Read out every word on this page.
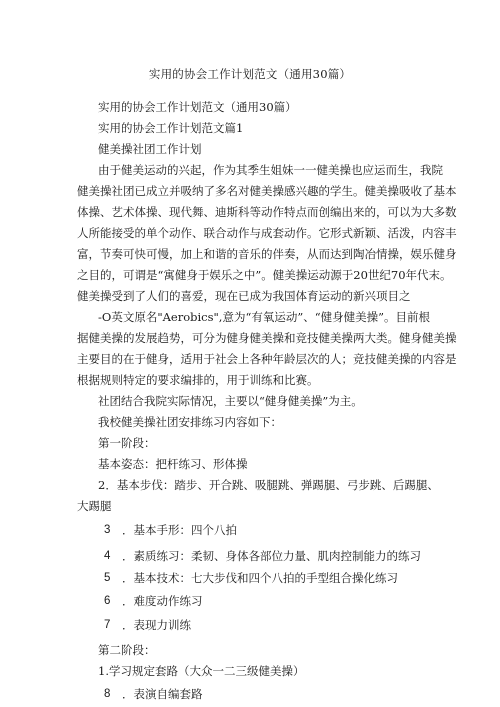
实用的协会工作计划范文（通用30篇）
实用的协会工作计划范文（通用30篇）
实用的协会工作计划范文篇1
健美操社团工作计划
由于健美运动的兴起，作为其季生姐妹一一健美操也应运而生，我院
健美操社团已成立并吸纳了多名对健美操感兴趣的学生。健美操吸收了基本
体操、艺术体操、现代舞、迪斯科等动作特点而创编出来的，可以为大多数
人所能接受的单个动作、联合动作与成套动作。它形式新颖、活泼，内容丰
富，节奏可快可慢，加上和谐的音乐的伴奏，从而达到陶冶情操，娱乐健身
之目的，可谓是“寓健身于娱乐之中”。健美操运动源于20世纪70年代末。
健美操受到了人们的喜爱，现在已成为我国体育运动的新兴项目之
-O英文原名"Aerobics",意为“有氧运动”、“健身健美操”。目前根
据健美操的发展趋势，可分为健身健美操和竞技健美操两大类。健身健美操
主要目的在于健身，适用于社会上各种年龄层次的人；竞技健美操的内容是
根据规则特定的要求编排的，用于训练和比赛。
社团结合我院实际情况，主要以“健身健美操”为主。
我校健美操社团安排练习内容如下：
第一阶段：
基本姿态：把杆练习、形体操
2．基本步伐：踏步、开合跳、吸腿跳、弹踢腿、弓步跳、后踢腿、
大踢腿
3 ．基本手形：四个八拍
4 ．素质练习：柔韧、身体各部位力量、肌肉控制能力的练习
5 ．基本技术：七大步伐和四个八拍的手型组合操化练习
6 ．难度动作练习
7 ．表现力训练
第二阶段：
1.学习规定套路（大众一二三级健美操）
8 ．表演自编套路
